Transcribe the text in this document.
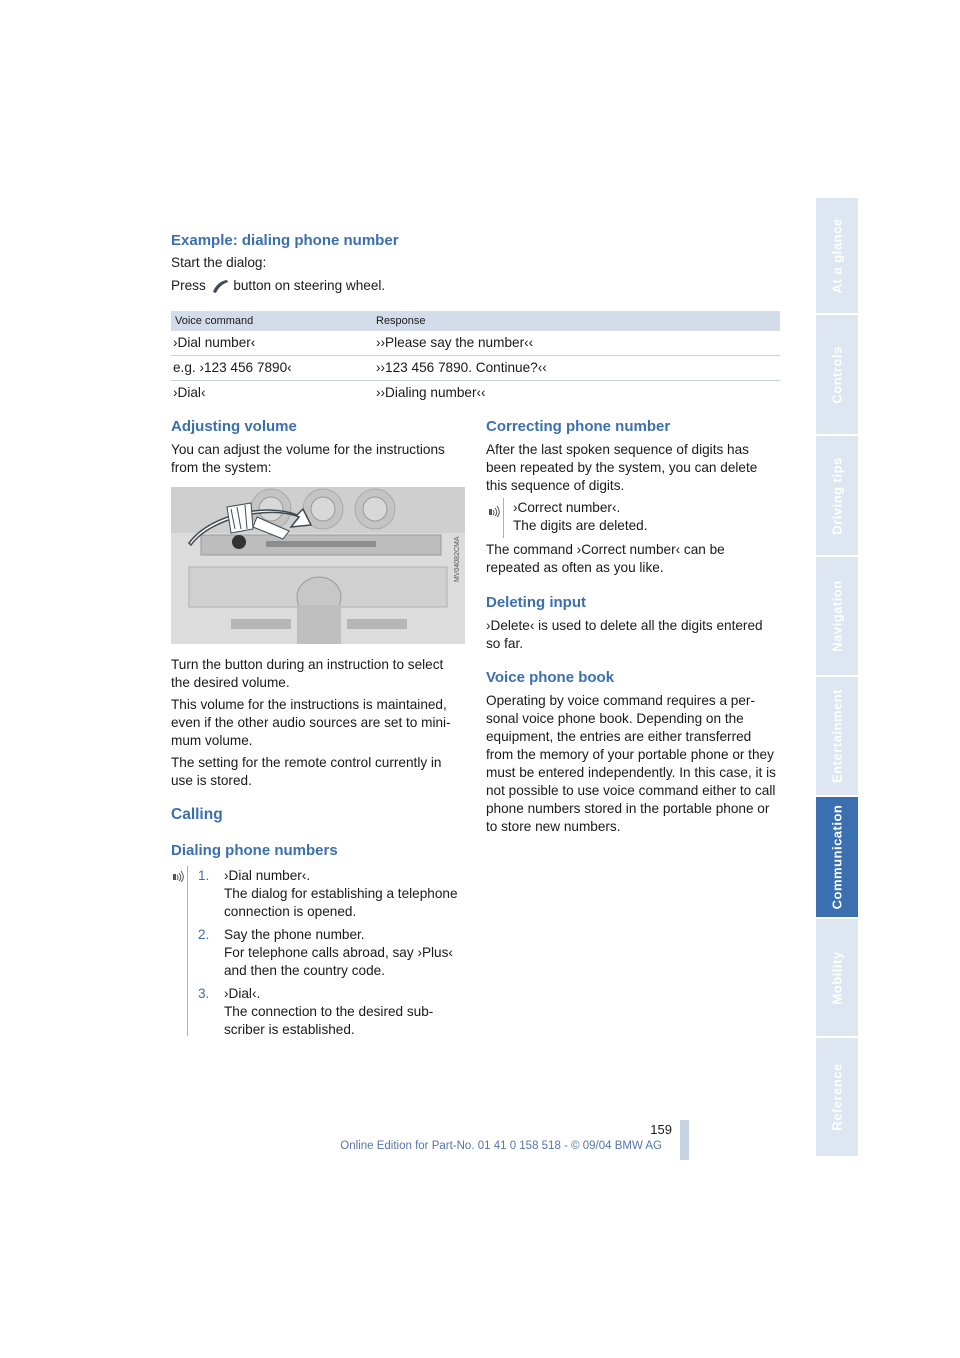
Example: dialing phone number

Start the dialog:

Press button on steering wheel.
Voice command	Response
›Dial number‹	››Please say the number‹‹
e.g. ›123 456 7890‹	››123 456 7890. Continue?‹‹
›Dial‹	››Dialing number‹‹
Adjusting volume

You can adjust the volume for the instructions from the system:

MV04082CMA

Turn the button during an instruction to select the desired volume.

This volume for the instructions is maintained, even if the other audio sources are set to mini-mum volume.

The setting for the remote control currently in use is stored.

Calling
Dialing phone numbers
1. ›Dial number‹.
The dialog for establishing a telephone connection is opened.
2. Say the phone number.
For telephone calls abroad, say ›Plus‹ and then the country code.
3. ›Dial‹.
The connection to the desired sub-scriber is established.
Correcting phone number

After the last spoken sequence of digits has been repeated by the system, you can delete this sequence of digits.

›Correct number‹.
The digits are deleted.

The command ›Correct number‹ can be repeated as often as you like.

Deleting input

›Delete‹ is used to delete all the digits entered so far.

Voice phone book

Operating by voice command requires a per-sonal voice phone book. Depending on the equipment, the entries are either transferred from the memory of your portable phone or they must be entered independently. In this case, it is not possible to use voice command either to call phone numbers stored in the portable phone or to store new numbers.

At a glance
Controls
Driving tips
Navigation
Entertainment
Communication
Mobility
Reference
159
Online Edition for Part-No. 01 41 0 158 518 - © 09/04 BMW AG
